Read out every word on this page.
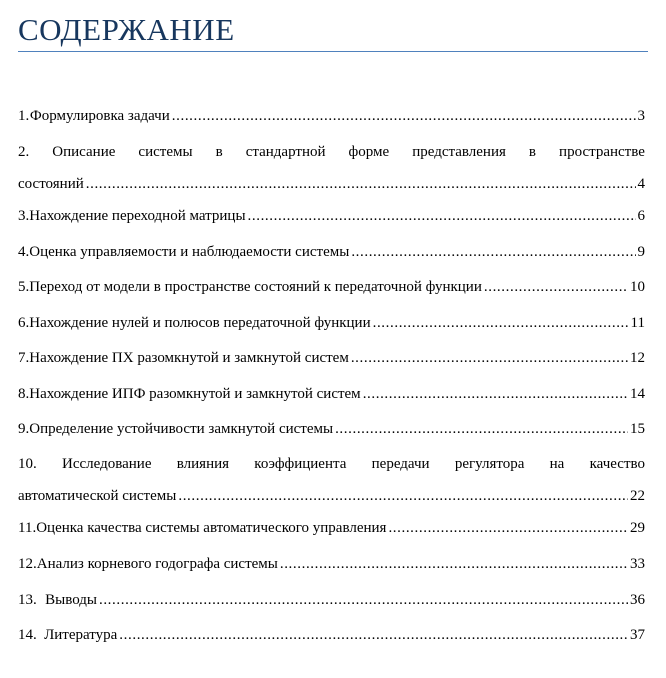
СОДЕРЖАНИЕ
1. Формулировка задачи .....	3
2. Описание системы в стандартной форме представления в пространстве
состояний .....	4
3. Нахождение переходной матрицы .....	6
4. Оценка управляемости и наблюдаемости системы .....	9
5. Переход от модели в пространстве состояний к передаточной функции .....	10
6. Нахождение нулей и полюсов передаточной функции .....	11
7. Нахождение ПХ разомкнутой и замкнутой систем .....	12
8. Нахождение ИПФ разомкнутой и замкнутой систем .....	14
9. Определение устойчивости замкнутой системы .....	15
10. Исследование влияния коэффициента передачи регулятора на качество
автоматической системы .....	22
11. Оценка качества системы автоматического управления .....	29
12. Анализ корневого годографа системы .....	33
13. Выводы .....	36
14. Литература .....	37
